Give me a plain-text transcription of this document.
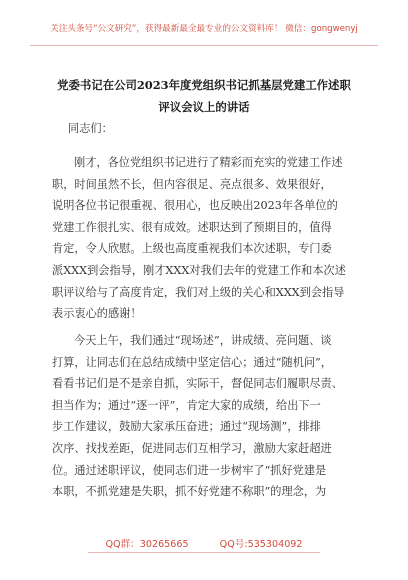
关注头条号“公文研究”，获得最新最全最专业的公文资料库！ 微信：gongwenyj
党委书记在公司2023年度党组织书记抓基层党建工作述职
评议会议上的讲话
同志们：
刚才，各位党组织书记进行了精彩而充实的党建工作述
职，时间虽然不长，但内容很足、亮点很多、效果很好，
说明各位书记很重视、很用心，也反映出2023年各单位的
党建工作很扎实、很有成效。述职达到了预期目的，值得
肯定，令人欣慰。上级也高度重视我们本次述职，专门委
派XXX到会指导，刚才XXX对我们去年的党建工作和本次述
职评议给与了高度肯定，我们对上级的关心和XXX到会指导
表示衷心的感谢！
今天上午，我们通过“现场述”，讲成绩、亮问题、谈
打算，让同志们在总结成绩中坚定信心；通过“随机问”，
看看书记们是不是亲自抓，实际干，督促同志们履职尽责、
担当作为；通过“逐一评”，肯定大家的成绩，给出下一
步工作建议，鼓励大家承压奋进；通过“现场测”，排排
次序、找找差距，促进同志们互相学习，激励大家赶超进
位。通过述职评议，使同志们进一步树牢了“抓好党建是
本职，不抓党建是失职，抓不好党建不称职”的理念，为
QQ群：30265665	QQ号:535304092
